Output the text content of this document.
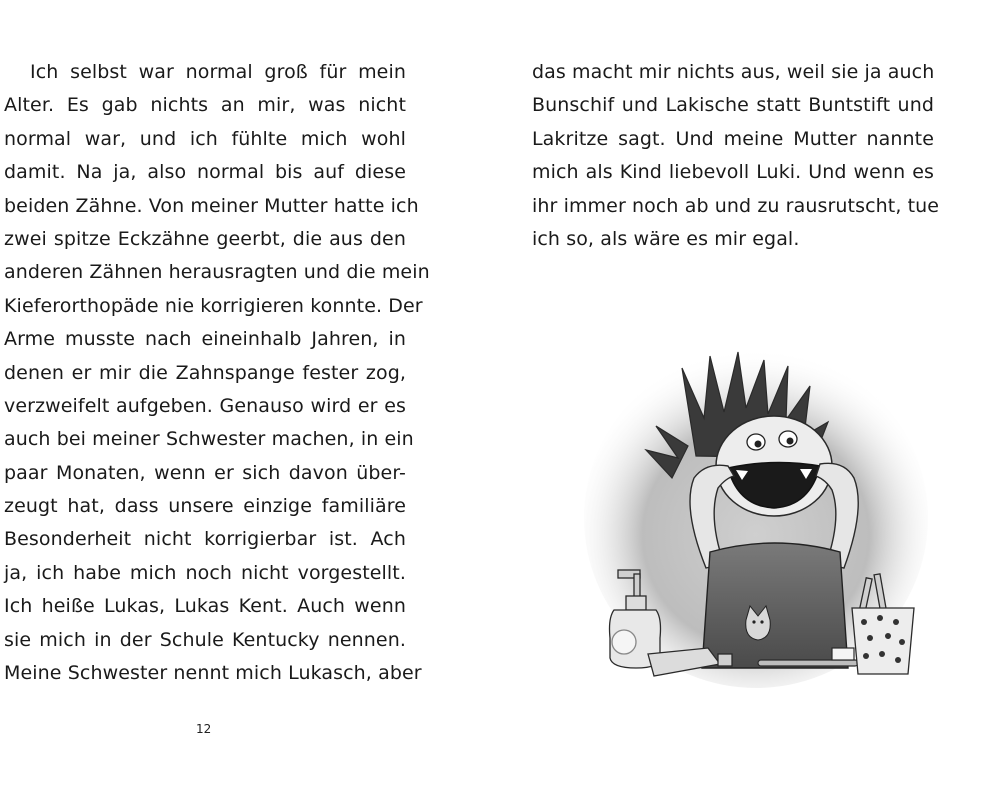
Ich selbst war normal groß für mein
Alter. Es gab nichts an mir, was nicht
normal war, und ich fühlte mich wohl
damit. Na ja, also normal bis auf diese
beiden Zähne. Von meiner Mutter hatte ich
zwei spitze Eckzähne geerbt, die aus den
anderen Zähnen herausragten und die mein
Kieferorthopäde nie korrigieren konnte. Der
Arme musste nach eineinhalb Jahren, in
denen er mir die Zahnspange fester zog,
verzweifelt aufgeben. Genauso wird er es
auch bei meiner Schwester machen, in ein
paar Monaten, wenn er sich davon über-
zeugt hat, dass unsere einzige familiäre
Besonderheit nicht korrigierbar ist. Ach
ja, ich habe mich noch nicht vorgestellt.
Ich heiße Lukas, Lukas Kent. Auch wenn
sie mich in der Schule Kentucky nennen.
Meine Schwester nennt mich Lukasch, aber
12
das macht mir nichts aus, weil sie ja auch
Bunschif und Lakische statt Buntstift und
Lakritze sagt. Und meine Mutter nannte
mich als Kind liebevoll Luki. Und wenn es
ihr immer noch ab und zu rausrutscht, tue
ich so, als wäre es mir egal.
